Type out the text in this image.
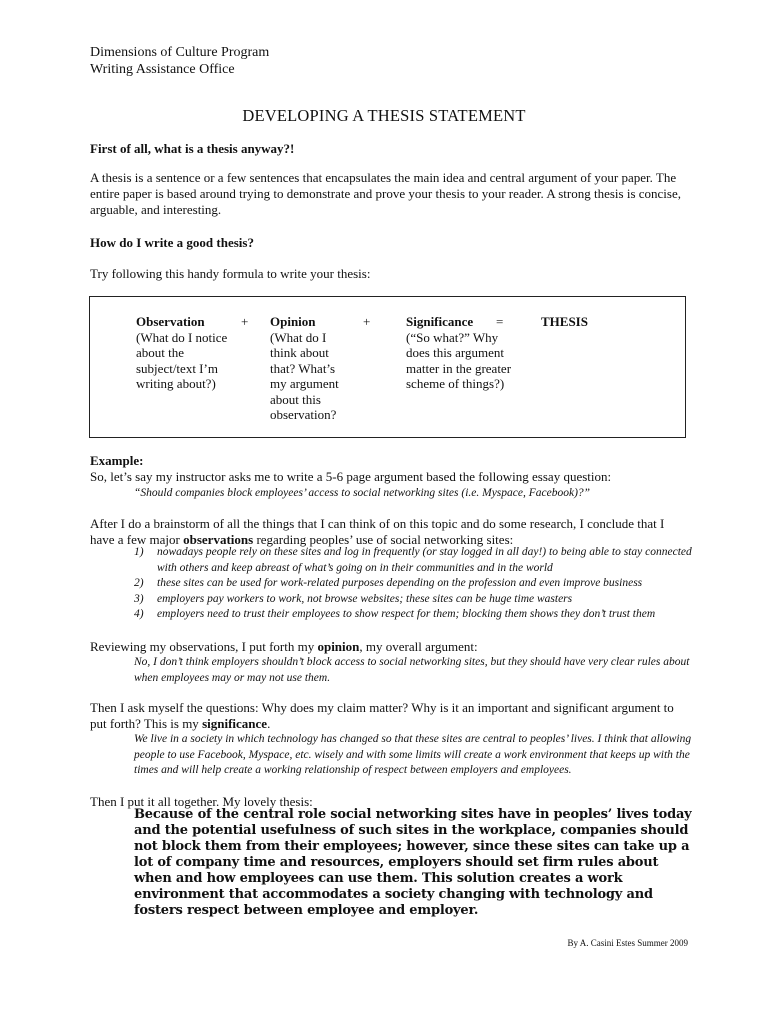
Dimensions of Culture Program

Writing Assistance Office

DEVELOPING A THESIS STATEMENT

First of all, what is a thesis anyway?!

A thesis is a sentence or a few sentences that encapsulates the main idea and central argument of your paper. The entire paper is based around trying to demonstrate and prove your thesis to your reader. A strong thesis is concise, arguable, and interesting.

How do I write a good thesis?

Try following this handy formula to write your thesis:

Observation
(What do I notice about the subject/text I’m writing about?)
+ Opinion
(What do I think about that? What’s my argument about this observation?
+	Significance
(“So what?” Why does this argument matter in the greater scheme of things?)
=	THESIS

Example:

So, let’s say my instructor asks me to write a 5-6 page argument based the following essay question:

“Should companies block employees’ access to social networking sites (i.e. Myspace, Facebook)?”

After I do a brainstorm of all the things that I can think of on this topic and do some research, I conclude that I have a few major observations regarding peoples’ use of social networking sites:

1) nowadays people rely on these sites and log in frequently (or stay logged in all day!) to being able to stay connected with others and keep abreast of what’s going on in their communities and in the world
2) these sites can be used for work-related purposes depending on the profession and even improve business
3) employers pay workers to work, not browse websites; these sites can be huge time wasters
4) employers need to trust their employees to show respect for them; blocking them shows they don’t trust them

Reviewing my observations, I put forth my opinion, my overall argument:

No, I don’t think employers shouldn’t block access to social networking sites, but they should have very clear rules about when employees may or may not use them.

Then I ask myself the questions: Why does my claim matter? Why is it an important and significant argument to put forth? This is my significance.

We live in a society in which technology has changed so that these sites are central to peoples’ lives. I think that allowing people to use Facebook, Myspace, etc. wisely and with some limits will create a work environment that keeps up with the times and will help create a working relationship of respect between employers and employees.

Then I put it all together. My lovely thesis:

Because of the central role social networking sites have in peoples’ lives today and the potential usefulness of such sites in the workplace, companies should not block them from their employees; however, since these sites can take up a lot of company time and resources, employers should set firm rules about when and how employees can use them. This solution creates a work environment that accommodates a society changing with technology and fosters respect between employee and employer.

By A. Casini Estes Summer 2009
